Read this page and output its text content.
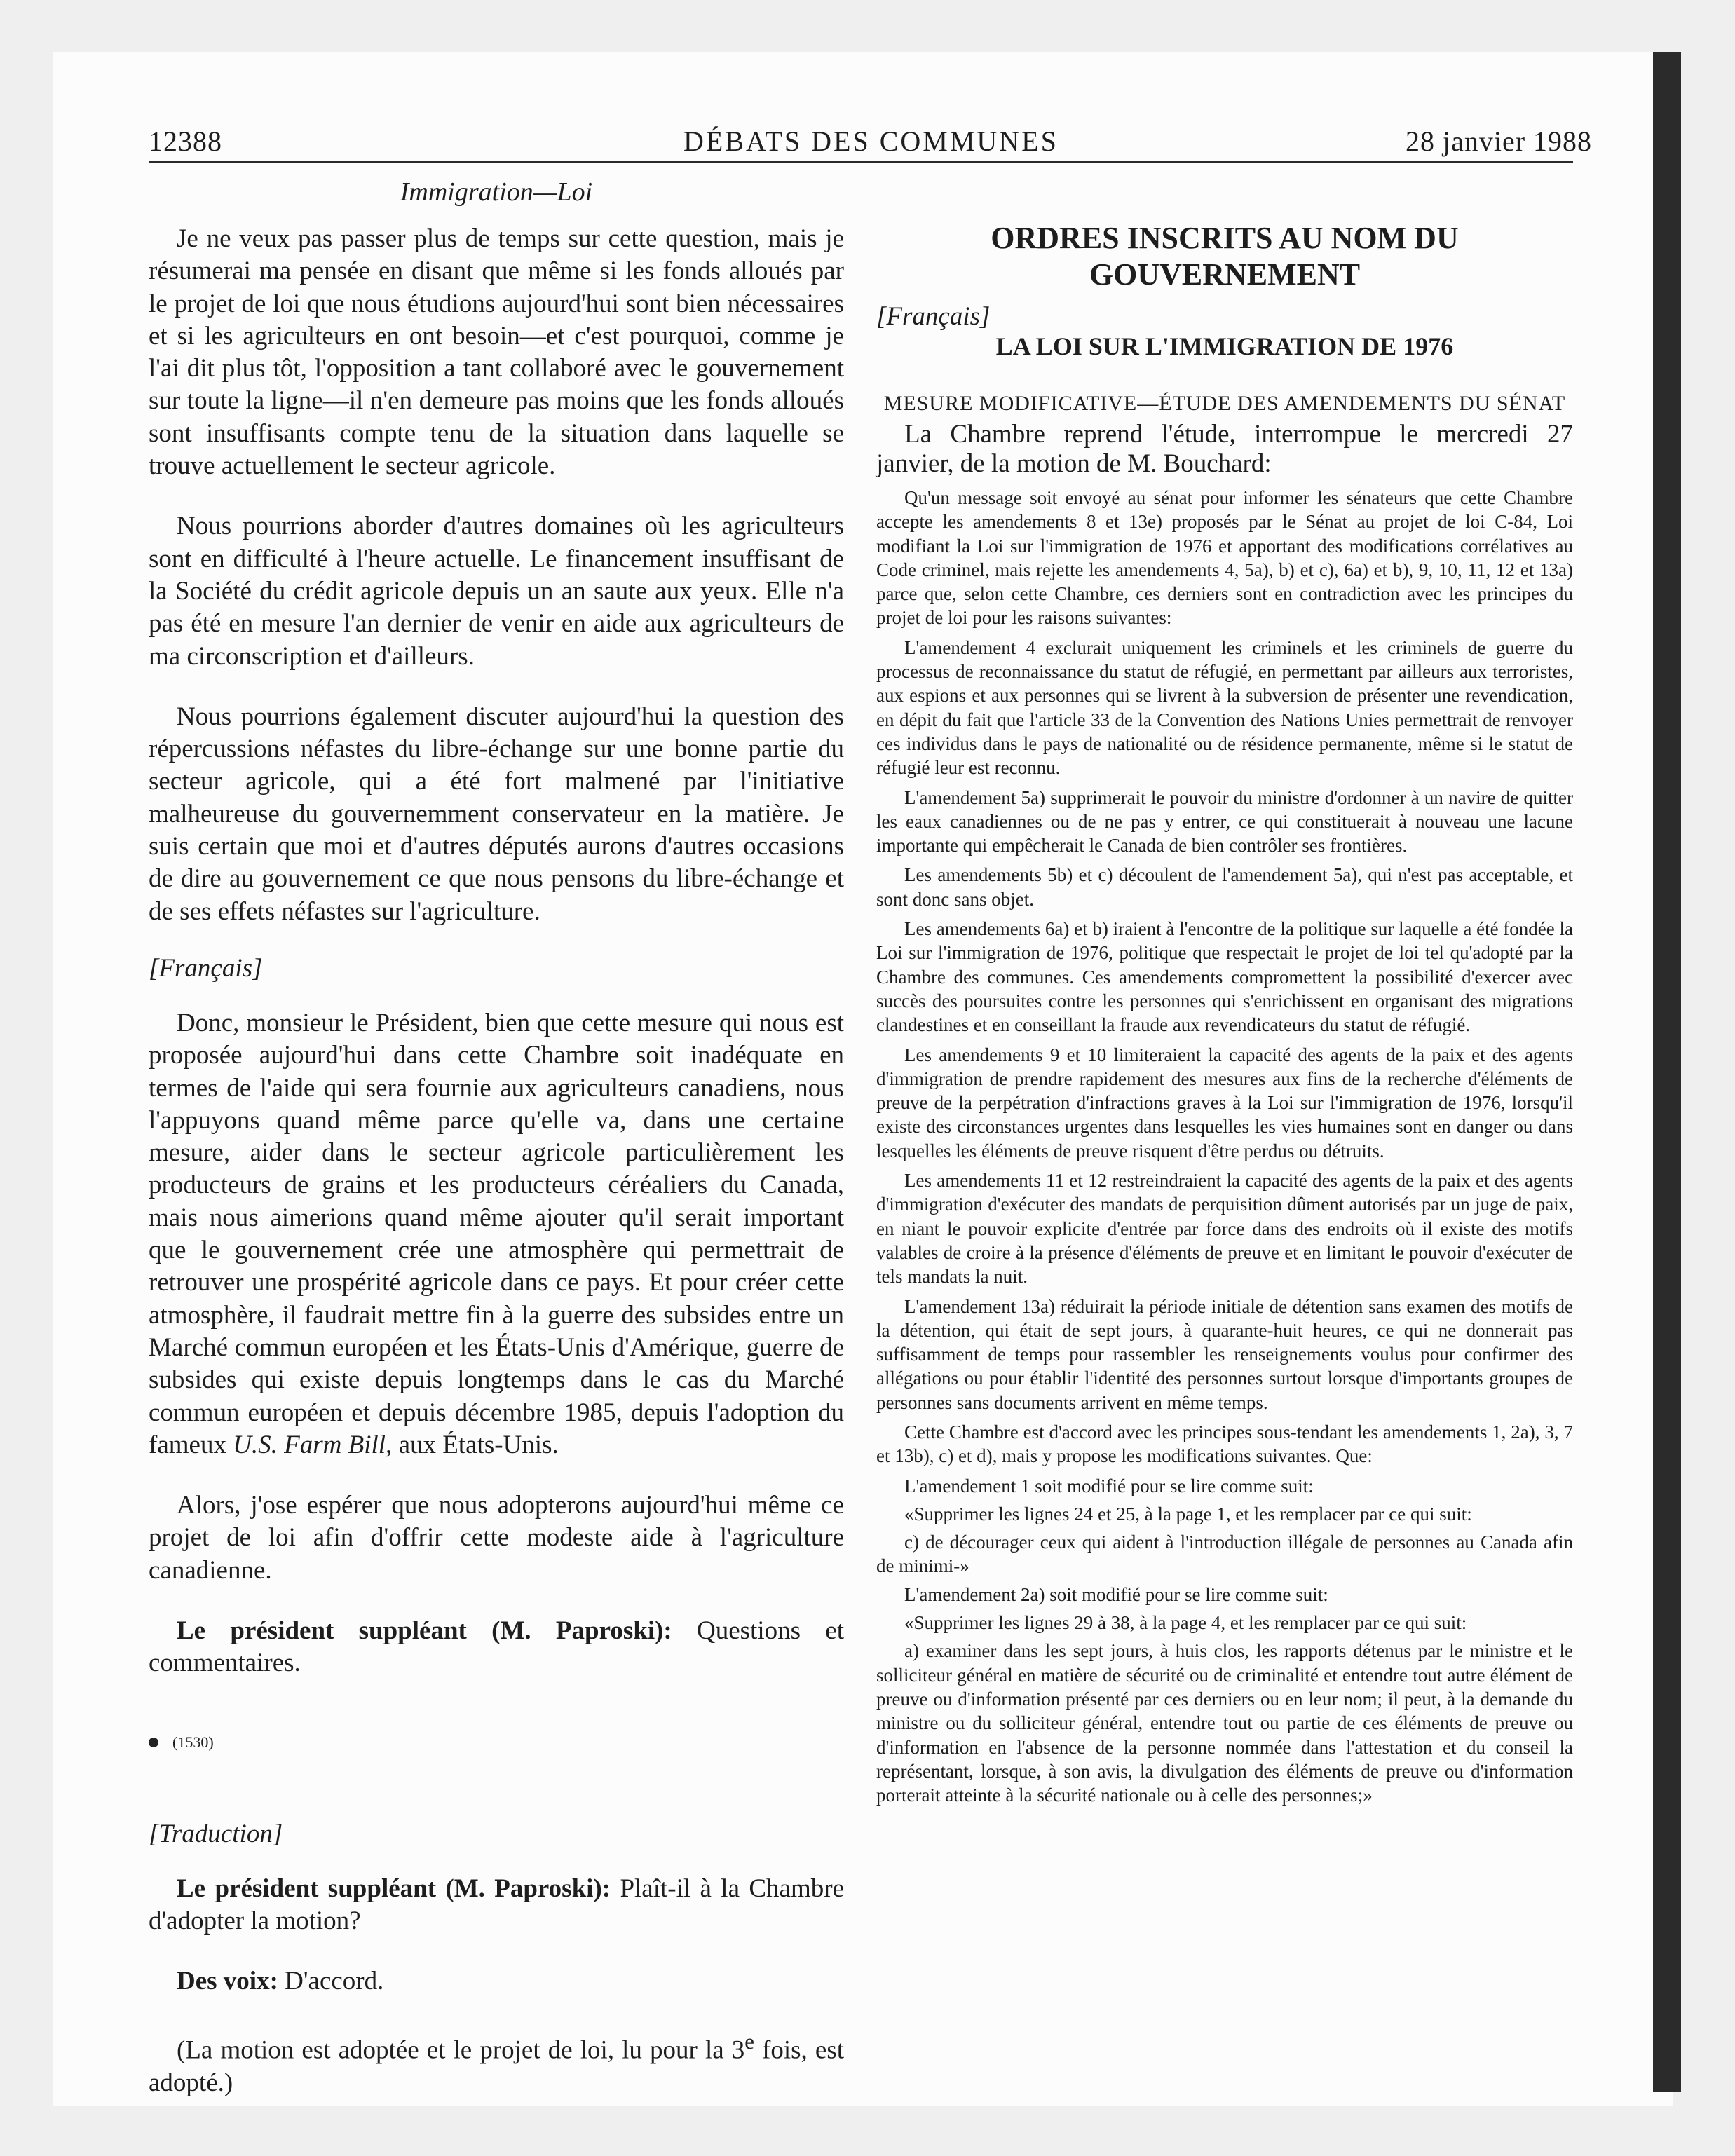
12388	DÉBATS DES COMMUNES	28 janvier 1988
Immigration—Loi

Je ne veux pas passer plus de temps sur cette question, mais je résumerai ma pensée en disant que même si les fonds alloués par le projet de loi que nous étudions aujourd'hui sont bien nécessaires et si les agriculteurs en ont besoin—et c'est pourquoi, comme je l'ai dit plus tôt, l'opposition a tant collaboré avec le gouvernement sur toute la ligne—il n'en demeure pas moins que les fonds alloués sont insuffisants compte tenu de la situation dans laquelle se trouve actuellement le secteur agricole.

Nous pourrions aborder d'autres domaines où les agriculteurs sont en difficulté à l'heure actuelle. Le financement insuffisant de la Société du crédit agricole depuis un an saute aux yeux. Elle n'a pas été en mesure l'an dernier de venir en aide aux agriculteurs de ma circonscription et d'ailleurs.

Nous pourrions également discuter aujourd'hui la question des répercussions néfastes du libre-échange sur une bonne partie du secteur agricole, qui a été fort malmené par l'initiative malheureuse du gouvernemment conservateur en la matière. Je suis certain que moi et d'autres députés aurons d'autres occasions de dire au gouvernement ce que nous pensons du libre-échange et de ses effets néfastes sur l'agriculture.

[Français]

Donc, monsieur le Président, bien que cette mesure qui nous est proposée aujourd'hui dans cette Chambre soit inadéquate en termes de l'aide qui sera fournie aux agriculteurs canadiens, nous l'appuyons quand même parce qu'elle va, dans une certaine mesure, aider dans le secteur agricole particulièrement les producteurs de grains et les producteurs céréaliers du Canada, mais nous aimerions quand même ajouter qu'il serait important que le gouvernement crée une atmosphère qui permettrait de retrouver une prospérité agricole dans ce pays. Et pour créer cette atmosphère, il faudrait mettre fin à la guerre des subsides entre un Marché commun européen et les États-Unis d'Amérique, guerre de subsides qui existe depuis longtemps dans le cas du Marché commun européen et depuis décembre 1985, depuis l'adoption du fameux U.S. Farm Bill, aux États-Unis.

Alors, j'ose espérer que nous adopterons aujourd'hui même ce projet de loi afin d'offrir cette modeste aide à l'agriculture canadienne.

Le président suppléant (M. Paproski): Questions et commentaires.

(1530)
[Traduction]

Le président suppléant (M. Paproski): Plaît-il à la Chambre d'adopter la motion?

Des voix: D'accord.

(La motion est adoptée et le projet de loi, lu pour la 3e fois, est adopté.)

ORDRES INSCRITS AU NOM DU GOUVERNEMENT
[Français]
LA LOI SUR L'IMMIGRATION DE 1976
MESURE MODIFICATIVE—ÉTUDE DES AMENDEMENTS DU SÉNAT

La Chambre reprend l'étude, interrompue le mercredi 27 janvier, de la motion de M. Bouchard:

Qu'un message soit envoyé au sénat pour informer les sénateurs que cette Chambre accepte les amendements 8 et 13e) proposés par le Sénat au projet de loi C-84, Loi modifiant la Loi sur l'immigration de 1976 et apportant des modifications corrélatives au Code criminel, mais rejette les amendements 4, 5a), b) et c), 6a) et b), 9, 10, 11, 12 et 13a) parce que, selon cette Chambre, ces derniers sont en contradiction avec les principes du projet de loi pour les raisons suivantes:

L'amendement 4 exclurait uniquement les criminels et les criminels de guerre du processus de reconnaissance du statut de réfugié, en permettant par ailleurs aux terroristes, aux espions et aux personnes qui se livrent à la subversion de présenter une revendication, en dépit du fait que l'article 33 de la Convention des Nations Unies permettrait de renvoyer ces individus dans le pays de nationalité ou de résidence permanente, même si le statut de réfugié leur est reconnu.

L'amendement 5a) supprimerait le pouvoir du ministre d'ordonner à un navire de quitter les eaux canadiennes ou de ne pas y entrer, ce qui constituerait à nouveau une lacune importante qui empêcherait le Canada de bien contrôler ses frontières.

Les amendements 5b) et c) découlent de l'amendement 5a), qui n'est pas acceptable, et sont donc sans objet.

Les amendements 6a) et b) iraient à l'encontre de la politique sur laquelle a été fondée la Loi sur l'immigration de 1976, politique que respectait le projet de loi tel qu'adopté par la Chambre des communes. Ces amendements compromettent la possibilité d'exercer avec succès des poursuites contre les personnes qui s'enrichissent en organisant des migrations clandestines et en conseillant la fraude aux revendicateurs du statut de réfugié.

Les amendements 9 et 10 limiteraient la capacité des agents de la paix et des agents d'immigration de prendre rapidement des mesures aux fins de la recherche d'éléments de preuve de la perpétration d'infractions graves à la Loi sur l'immigration de 1976, lorsqu'il existe des circonstances urgentes dans lesquelles les vies humaines sont en danger ou dans lesquelles les éléments de preuve risquent d'être perdus ou détruits.

Les amendements 11 et 12 restreindraient la capacité des agents de la paix et des agents d'immigration d'exécuter des mandats de perquisition dûment autorisés par un juge de paix, en niant le pouvoir explicite d'entrée par force dans des endroits où il existe des motifs valables de croire à la présence d'éléments de preuve et en limitant le pouvoir d'exécuter de tels mandats la nuit.

L'amendement 13a) réduirait la période initiale de détention sans examen des motifs de la détention, qui était de sept jours, à quarante-huit heures, ce qui ne donnerait pas suffisamment de temps pour rassembler les renseignements voulus pour confirmer des allégations ou pour établir l'identité des personnes surtout lorsque d'importants groupes de personnes sans documents arrivent en même temps.

Cette Chambre est d'accord avec les principes sous-tendant les amendements 1, 2a), 3, 7 et 13b), c) et d), mais y propose les modifications suivantes. Que:

L'amendement 1 soit modifié pour se lire comme suit:

«Supprimer les lignes 24 et 25, à la page 1, et les remplacer par ce qui suit:

c) de décourager ceux qui aident à l'introduction illégale de personnes au Canada afin de minimi-»

L'amendement 2a) soit modifié pour se lire comme suit:

«Supprimer les lignes 29 à 38, à la page 4, et les remplacer par ce qui suit:

a) examiner dans les sept jours, à huis clos, les rapports détenus par le ministre et le solliciteur général en matière de sécurité ou de criminalité et entendre tout autre élément de preuve ou d'information présenté par ces derniers ou en leur nom; il peut, à la demande du ministre ou du solliciteur général, entendre tout ou partie de ces éléments de preuve ou d'information en l'absence de la personne nommée dans l'attestation et du conseil la représentant, lorsque, à son avis, la divulgation des éléments de preuve ou d'information porterait atteinte à la sécurité nationale ou à celle des personnes;»
